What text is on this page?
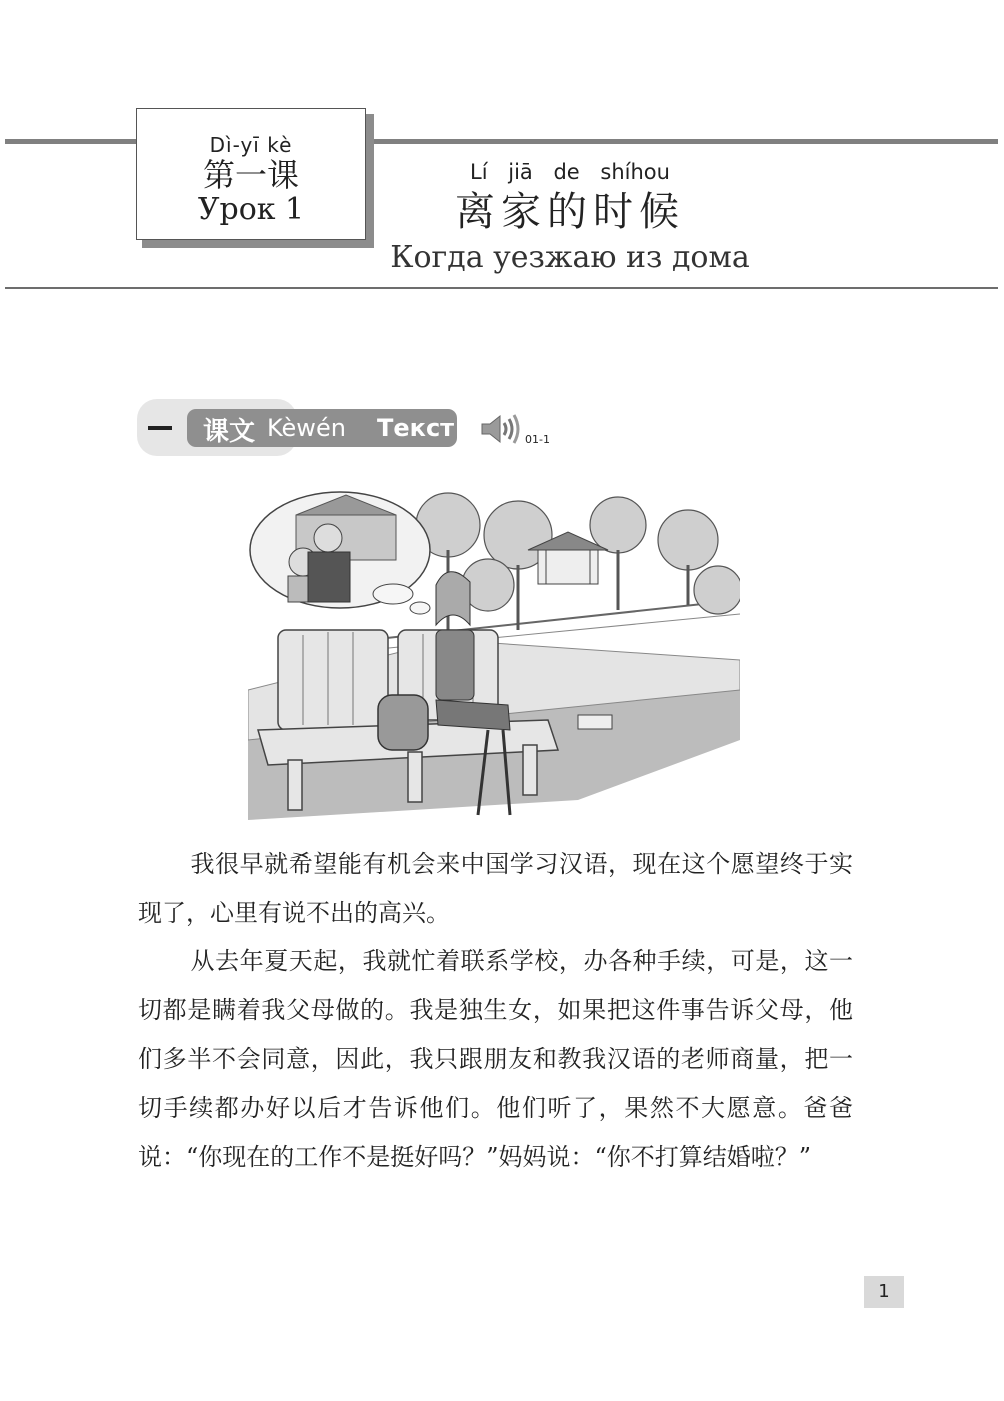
Dì-yī kè
第一课
Урок 1
Lí jiā de shíhou
离家的时候
Когда уезжаю из дома
课文 Kèwén Текст	01-1

我很早就希望能有机会来中国学习汉语，现在这个愿望终于实现了，心里有说不出的高兴。

从去年夏天起，我就忙着联系学校，办各种手续，可是，这一切都是瞒着我父母做的。我是独生女，如果把这件事告诉父母，他们多半不会同意，因此，我只跟朋友和教我汉语的老师商量，把一切手续都办好以后才告诉他们。他们听了，果然不大愿意。爸爸说：“你现在的工作不是挺好吗？”妈妈说：“你不打算结婚啦？”

1
